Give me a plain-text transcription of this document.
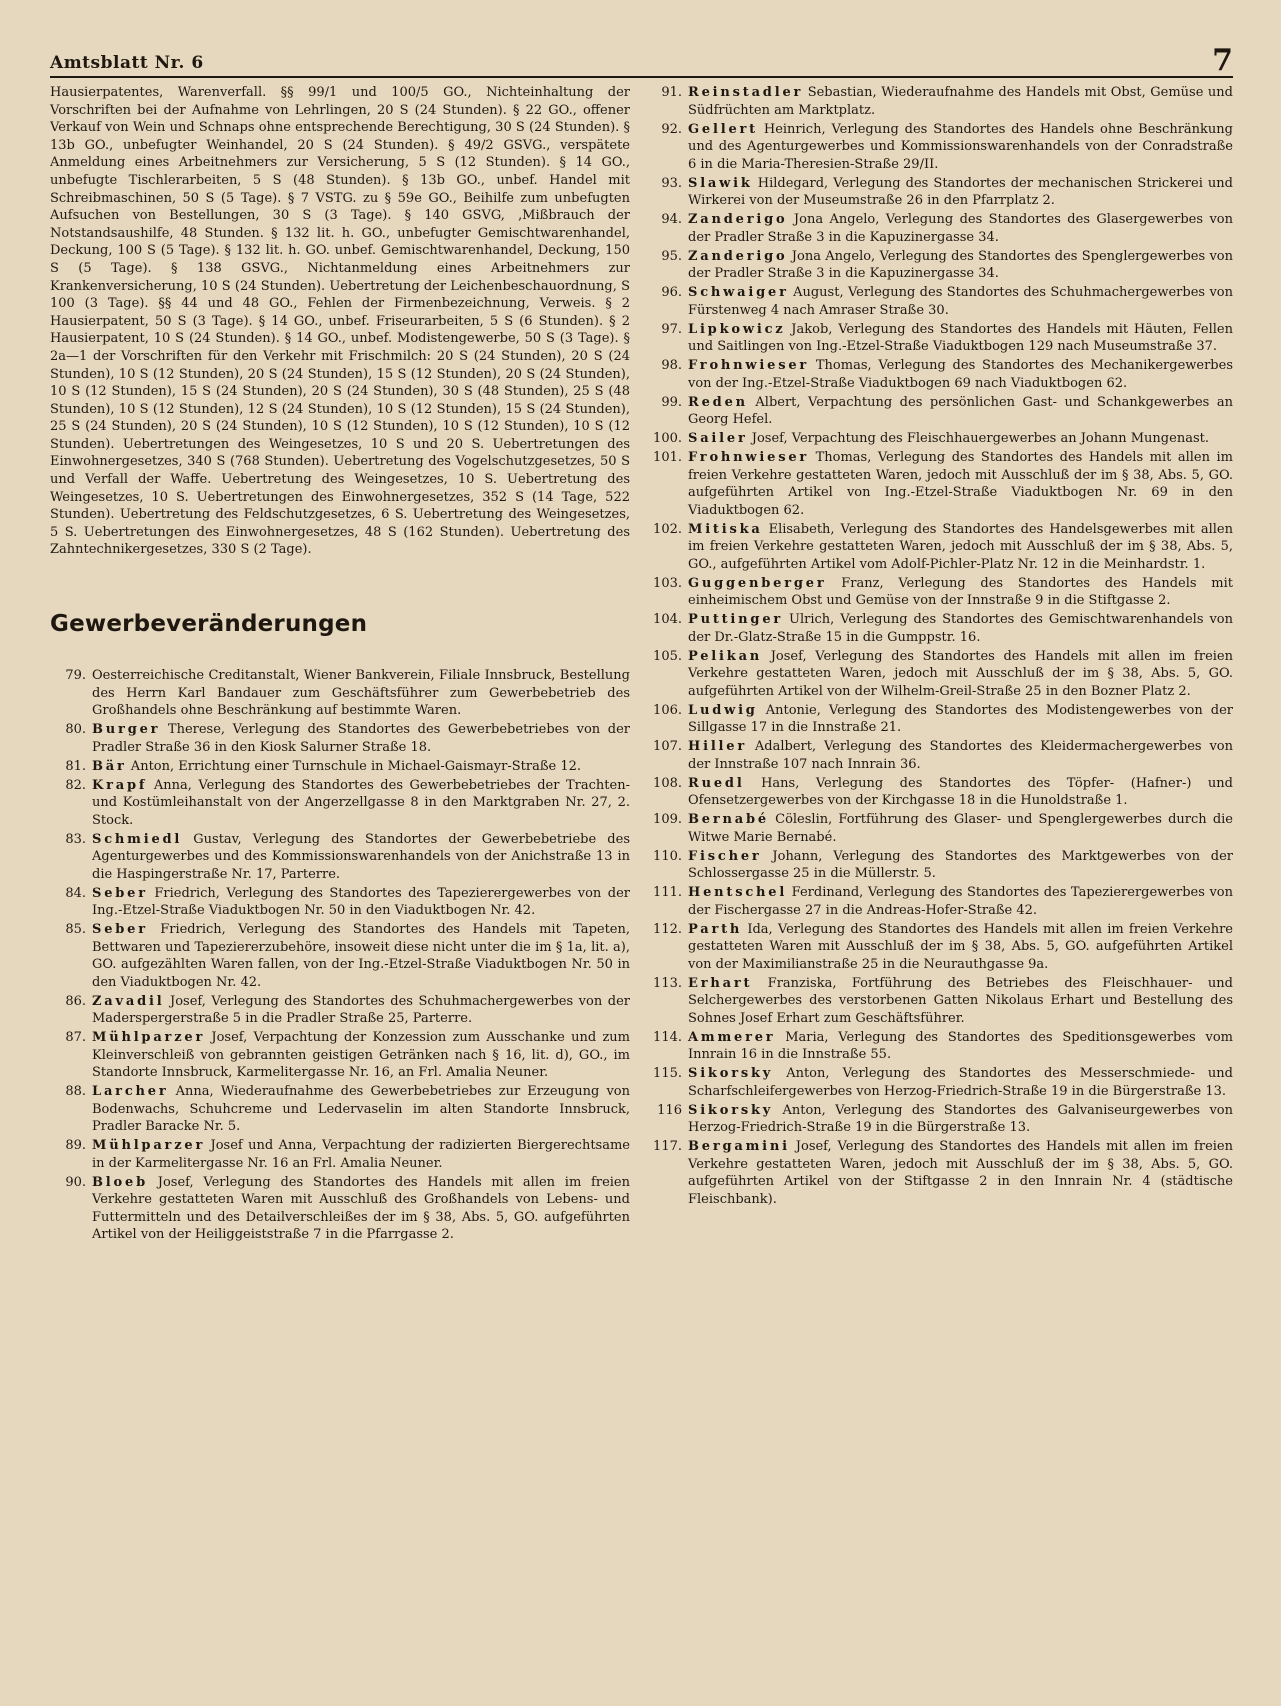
Amtsblatt Nr. 6	7

Hausierpatentes, Warenverfall. §§ 99/1 und 100/5 GO., Nichteinhaltung der Vorschriften bei der Aufnahme von Lehrlingen, 20 S (24 Stunden). § 22 GO., offener Verkauf von Wein und Schnaps ohne entsprechende Berechtigung, 30 S (24 Stunden). § 13b GO., unbefugter Weinhandel, 20 S (24 Stunden). § 49/2 GSVG., verspätete Anmeldung eines Arbeitnehmers zur Versicherung, 5 S (12 Stunden). § 14 GO., unbefugte Tischlerarbeiten, 5 S (48 Stunden). § 13b GO., unbef. Handel mit Schreibmaschinen, 50 S (5 Tage). § 7 VSTG. zu § 59e GO., Beihilfe zum unbefugten Aufsuchen von Bestellungen, 30 S (3 Tage). § 140 GSVG, ‚Mißbrauch der Notstandsaushilfe, 48 Stunden. § 132 lit. h. GO., unbefugter Gemischtwarenhandel, Deckung, 100 S (5 Tage). § 132 lit. h. GO. unbef. Gemischtwarenhandel, Deckung, 150 S (5 Tage). § 138 GSVG., Nichtanmeldung eines Arbeitnehmers zur Krankenversicherung, 10 S (24 Stunden). Uebertretung der Leichenbeschauordnung, S 100 (3 Tage). §§ 44 und 48 GO., Fehlen der Firmenbezeichnung, Verweis. § 2 Hausierpatent, 50 S (3 Tage). § 14 GO., unbef. Friseurarbeiten, 5 S (6 Stunden). § 2 Hausierpatent, 10 S (24 Stunden). § 14 GO., unbef. Modistengewerbe, 50 S (3 Tage). § 2a—1 der Vorschriften für den Verkehr mit Frischmilch: 20 S (24 Stunden), 20 S (24 Stunden), 10 S (12 Stunden), 20 S (24 Stunden), 15 S (12 Stunden), 20 S (24 Stunden), 10 S (12 Stunden), 15 S (24 Stunden), 20 S (24 Stunden), 30 S (48 Stunden), 25 S (48 Stunden), 10 S (12 Stunden), 12 S (24 Stunden), 10 S (12 Stunden), 15 S (24 Stunden), 25 S (24 Stunden), 20 S (24 Stunden), 10 S (12 Stunden), 10 S (12 Stunden), 10 S (12 Stunden). Uebertretungen des Weingesetzes, 10 S und 20 S. Uebertretungen des Einwohnergesetzes, 340 S (768 Stunden). Uebertretung des Vogelschutzgesetzes, 50 S und Verfall der Waffe. Uebertretung des Weingesetzes, 10 S. Uebertretung des Weingesetzes, 10 S. Uebertretungen des Einwohnergesetzes, 352 S (14 Tage, 522 Stunden). Uebertretung des Feldschutzgesetzes, 6 S. Uebertretung des Weingesetzes, 5 S. Uebertretungen des Einwohnergesetzes, 48 S (162 Stunden). Uebertretung des Zahntechnikergesetzes, 330 S (2 Tage).

Gewerbeveränderungen
79. Oesterreichische Creditanstalt, Wiener Bankverein, Filiale Innsbruck, Bestellung des Herrn Karl Bandauer zum Geschäftsführer zum Gewerbebetrieb des Großhandels ohne Beschränkung auf bestimmte Waren.
80. Burger Therese, Verlegung des Standortes des Gewerbebetriebes von der Pradler Straße 36 in den Kiosk Salurner Straße 18.
81. Bär Anton, Errichtung einer Turnschule in Michael-Gaismayr-Straße 12.
82. Krapf Anna, Verlegung des Standortes des Gewerbebetriebes der Trachten- und Kostümleihanstalt von der Angerzellgasse 8 in den Marktgraben Nr. 27, 2. Stock.
83. Schmiedl Gustav, Verlegung des Standortes der Gewerbebetriebe des Agenturgewerbes und des Kommissionswarenhandels von der Anichstraße 13 in die Haspingerstraße Nr. 17, Parterre.
84. Seber Friedrich, Verlegung des Standortes des Tapezierergewerbes von der Ing.-Etzel-Straße Viaduktbogen Nr. 50 in den Viaduktbogen Nr. 42.
85. Seber Friedrich, Verlegung des Standortes des Handels mit Tapeten, Bettwaren und Tapeziererzubehöre, insoweit diese nicht unter die im § 1a, lit. a), GO. aufgezählten Waren fallen, von der Ing.-Etzel-Straße Viaduktbogen Nr. 50 in den Viaduktbogen Nr. 42.
86. Zavadil Josef, Verlegung des Standortes des Schuhmachergewerbes von der Maderspergerstraße 5 in die Pradler Straße 25, Parterre.
87. Mühlparzer Josef, Verpachtung der Konzession zum Ausschanke und zum Kleinverschleiß von gebrannten geistigen Getränken nach § 16, lit. d), GO., im Standorte Innsbruck, Karmelitergasse Nr. 16, an Frl. Amalia Neuner.
88. Larcher Anna, Wiederaufnahme des Gewerbebetriebes zur Erzeugung von Bodenwachs, Schuhcreme und Ledervaselin im alten Standorte Innsbruck, Pradler Baracke Nr. 5.
89. Mühlparzer Josef und Anna, Verpachtung der radizierten Biergerechtsame in der Karmelitergasse Nr. 16 an Frl. Amalia Neuner.
90. Bloeb Josef, Verlegung des Standortes des Handels mit allen im freien Verkehre gestatteten Waren mit Ausschluß des Großhandels von Lebens- und Futtermitteln und des Detailverschleißes der im § 38, Abs. 5, GO. aufgeführten Artikel von der Heiliggeiststraße 7 in die Pfarrgasse 2.
91. Reinstadler Sebastian, Wiederaufnahme des Handels mit Obst, Gemüse und Südfrüchten am Marktplatz.
92. Gellert Heinrich, Verlegung des Standortes des Handels ohne Beschränkung und des Agenturgewerbes und Kommissionswarenhandels von der Conradstraße 6 in die Maria-Theresien-Straße 29/II.
93. Slawik Hildegard, Verlegung des Standortes der mechanischen Strickerei und Wirkerei von der Museumstraße 26 in den Pfarrplatz 2.
94. Zanderigo Jona Angelo, Verlegung des Standortes des Glasergewerbes von der Pradler Straße 3 in die Kapuzinergasse 34.
95. Zanderigo Jona Angelo, Verlegung des Standortes des Spenglergewerbes von der Pradler Straße 3 in die Kapuzinergasse 34.
96. Schwaiger August, Verlegung des Standortes des Schuhmachergewerbes von Fürstenweg 4 nach Amraser Straße 30.
97. Lipkowicz Jakob, Verlegung des Standortes des Handels mit Häuten, Fellen und Saitlingen von Ing.-Etzel-Straße Viaduktbogen 129 nach Museumstraße 37.
98. Frohnwieser Thomas, Verlegung des Standortes des Mechanikergewerbes von der Ing.-Etzel-Straße Viaduktbogen 69 nach Viaduktbogen 62.
99. Reden Albert, Verpachtung des persönlichen Gast- und Schankgewerbes an Georg Hefel.
100. Sailer Josef, Verpachtung des Fleischhauergewerbes an Johann Mungenast.
101. Frohnwieser Thomas, Verlegung des Standortes des Handels mit allen im freien Verkehre gestatteten Waren, jedoch mit Ausschluß der im § 38, Abs. 5, GO. aufgeführten Artikel von Ing.-Etzel-Straße Viaduktbogen Nr. 69 in den Viaduktbogen 62.
102. Mitiska Elisabeth, Verlegung des Standortes des Handelsgewerbes mit allen im freien Verkehre gestatteten Waren, jedoch mit Ausschluß der im § 38, Abs. 5, GO., aufgeführten Artikel vom Adolf-Pichler-Platz Nr. 12 in die Meinhardstr. 1.
103. Guggenberger Franz, Verlegung des Standortes des Handels mit einheimischem Obst und Gemüse von der Innstraße 9 in die Stiftgasse 2.
104. Puttinger Ulrich, Verlegung des Standortes des Gemischtwarenhandels von der Dr.-Glatz-Straße 15 in die Gumppstr. 16.
105. Pelikan Josef, Verlegung des Standortes des Handels mit allen im freien Verkehre gestatteten Waren, jedoch mit Ausschluß der im § 38, Abs. 5, GO. aufgeführten Artikel von der Wilhelm-Greil-Straße 25 in den Bozner Platz 2.
106. Ludwig Antonie, Verlegung des Standortes des Modistengewerbes von der Sillgasse 17 in die Innstraße 21.
107. Hiller Adalbert, Verlegung des Standortes des Kleidermachergewerbes von der Innstraße 107 nach Innrain 36.
108. Ruedl Hans, Verlegung des Standortes des Töpfer- (Hafner-) und Ofensetzergewerbes von der Kirchgasse 18 in die Hunoldstraße 1.
109. Bernabé Cöleslin, Fortführung des Glaser- und Spenglergewerbes durch die Witwe Marie Bernabé.
110. Fischer Johann, Verlegung des Standortes des Marktgewerbes von der Schlossergasse 25 in die Müllerstr. 5.
111. Hentschel Ferdinand, Verlegung des Standortes des Tapezierergewerbes von der Fischergasse 27 in die Andreas-Hofer-Straße 42.
112. Parth Ida, Verlegung des Standortes des Handels mit allen im freien Verkehre gestatteten Waren mit Ausschluß der im § 38, Abs. 5, GO. aufgeführten Artikel von der Maximilianstraße 25 in die Neurauthgasse 9a.
113. Erhart Franziska, Fortführung des Betriebes des Fleischhauer- und Selchergewerbes des verstorbenen Gatten Nikolaus Erhart und Bestellung des Sohnes Josef Erhart zum Geschäftsführer.
114. Ammerer Maria, Verlegung des Standortes des Speditionsgewerbes vom Innrain 16 in die Innstraße 55.
115. Sikorsky Anton, Verlegung des Standortes des Messerschmiede- und Scharfschleifergewerbes von Herzog-Friedrich-Straße 19 in die Bürgerstraße 13.
116 Sikorsky Anton, Verlegung des Standortes des Galvaniseurgewerbes von Herzog-Friedrich-Straße 19 in die Bürgerstraße 13.
117. Bergamini Josef, Verlegung des Standortes des Handels mit allen im freien Verkehre gestatteten Waren, jedoch mit Ausschluß der im § 38, Abs. 5, GO. aufgeführten Artikel von der Stiftgasse 2 in den Innrain Nr. 4 (städtische Fleischbank).
